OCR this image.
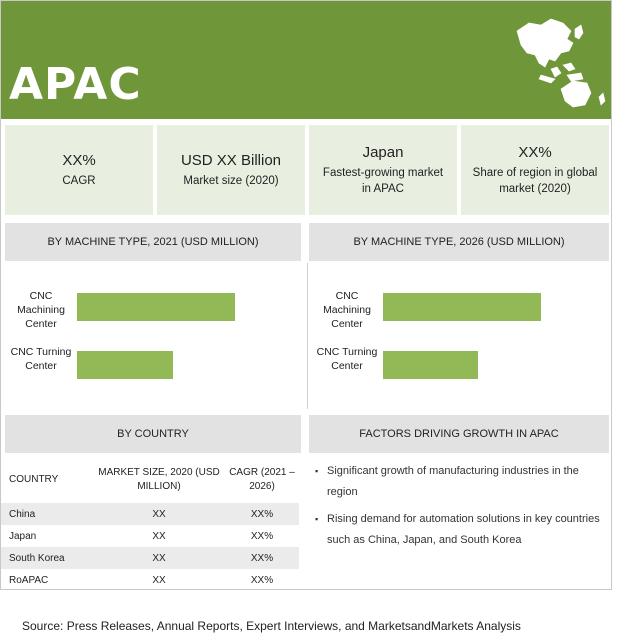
APAC
XX%
CAGR
USD XX Billion
Market size (2020)
Japan
Fastest-growing market in APAC
XX%
Share of region in global market (2020)
BY MACHINE TYPE, 2021 (USD MILLION)	BY MACHINE TYPE, 2026 (USD MILLION)
CNC Machining Center
CNC Turning Center
CNC Machining Center
CNC Turning Center
BY COUNTRY	FACTORS DRIVING GROWTH IN APAC
COUNTRY	MARKET SIZE, 2020 (USD MILLION)	CAGR (2021 – 2026)
China	XX	XX%
Japan	XX	XX%
South Korea	XX	XX%
RoAPAC	XX	XX%
▪ Significant growth of manufacturing industries in the region
▪ Rising demand for automation solutions in key countries such as China, Japan, and South Korea
Source: Press Releases, Annual Reports, Expert Interviews, and MarketsandMarkets Analysis
